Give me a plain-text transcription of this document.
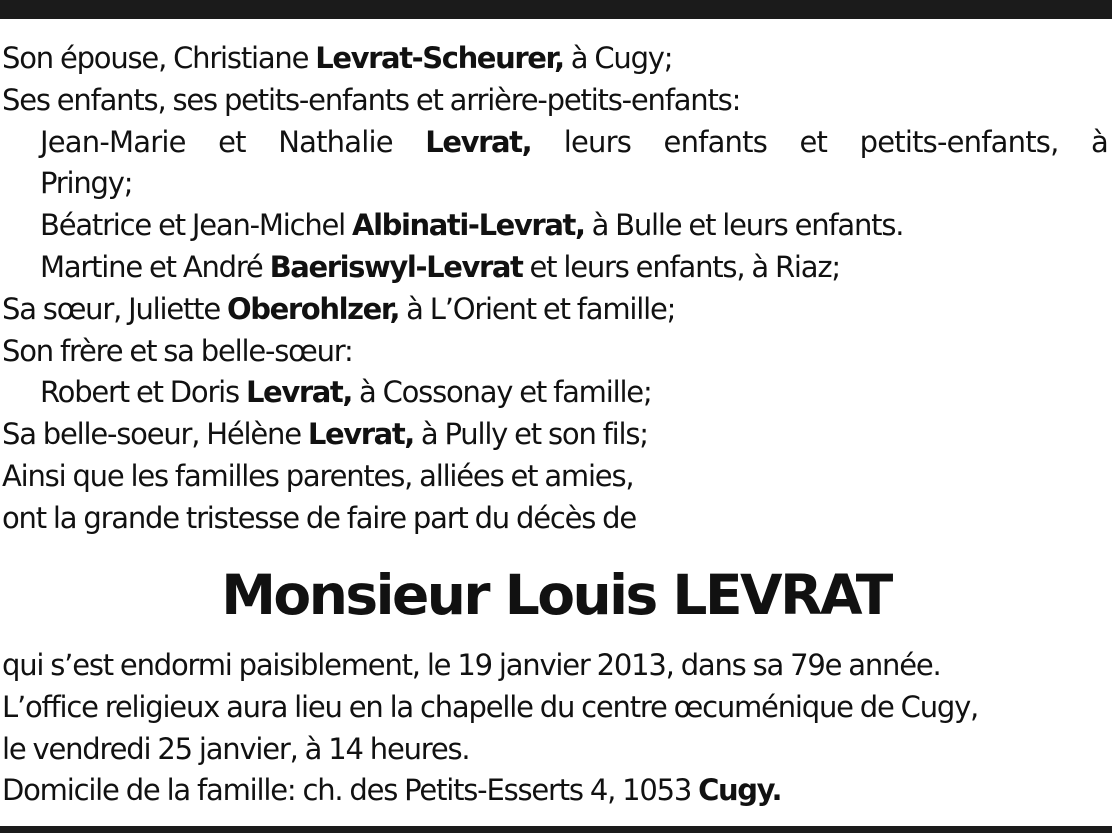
Son épouse, Christiane Levrat-Scheurer, à Cugy;
Ses enfants, ses petits-enfants et arrière-petits-enfants:
Jean-Marie et Nathalie Levrat, leurs enfants et petits-enfants, à
Pringy;
Béatrice et Jean-Michel Albinati-Levrat, à Bulle et leurs enfants.
Martine et André Baeriswyl-Levrat et leurs enfants, à Riaz;
Sa sœur, Juliette Oberohlzer, à L’Orient et famille;
Son frère et sa belle-sœur:
Robert et Doris Levrat, à Cossonay et famille;
Sa belle-soeur, Hélène Levrat, à Pully et son fils;
Ainsi que les familles parentes, alliées et amies,
ont la grande tristesse de faire part du décès de
Monsieur Louis LEVRAT
qui s’est endormi paisiblement, le 19 janvier 2013, dans sa 79e année.
L’office religieux aura lieu en la chapelle du centre œcuménique de Cugy,
le vendredi 25 janvier, à 14 heures.
Domicile de la famille: ch. des Petits-Esserts 4, 1053 Cugy.
